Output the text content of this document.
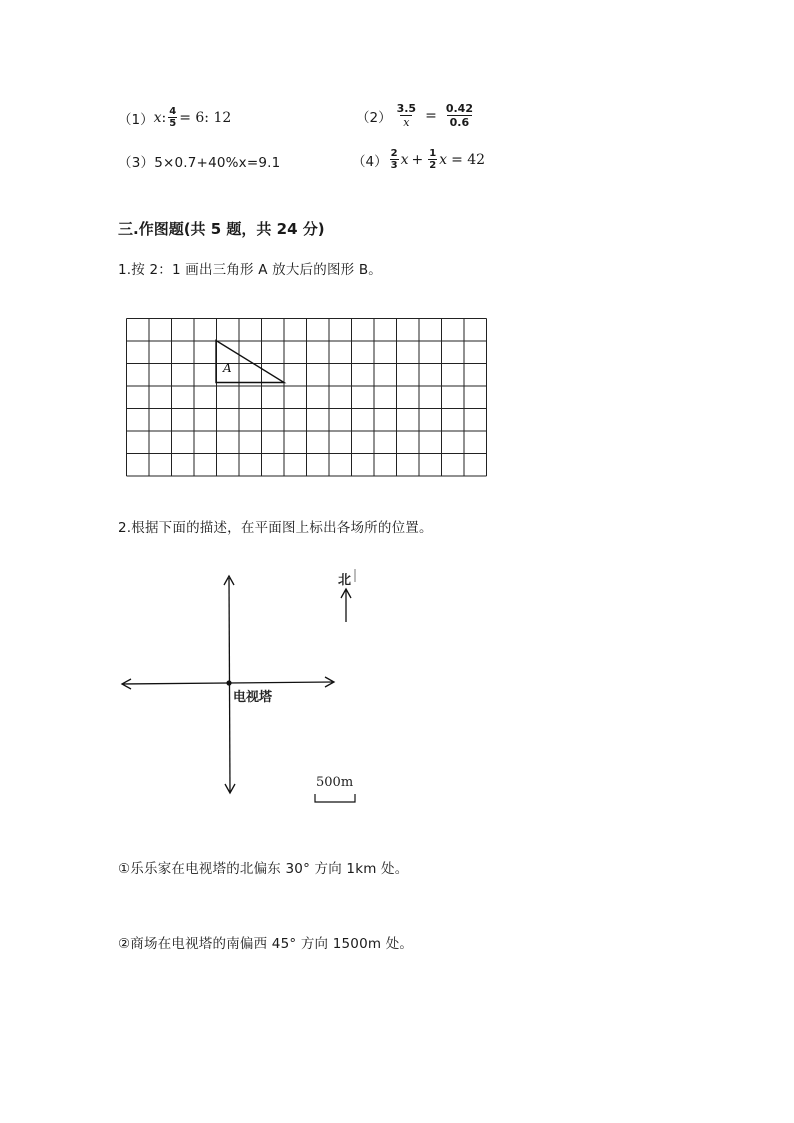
（1） x : $\frac{4}{5} = 6$: 12	$(2) \frac{3.5}{x} = \frac{0.42}{0.6}$
（3）5×0.7+40%x=9.1	$(4) \frac{2}{3}$ $x + \frac{1}{2}$ x = 42
三.作图题(共 5 题，共 24 分)
1.按 2：1 画出三角形 A 放大后的图形 B。
A
2.根据下面的描述，在平面图上标出各场所的位置。
电视塔
北
500m
①乐乐家在电视塔的北偏东 30° 方向 1km 处。
②商场在电视塔的南偏西 45° 方向 1500m 处。
